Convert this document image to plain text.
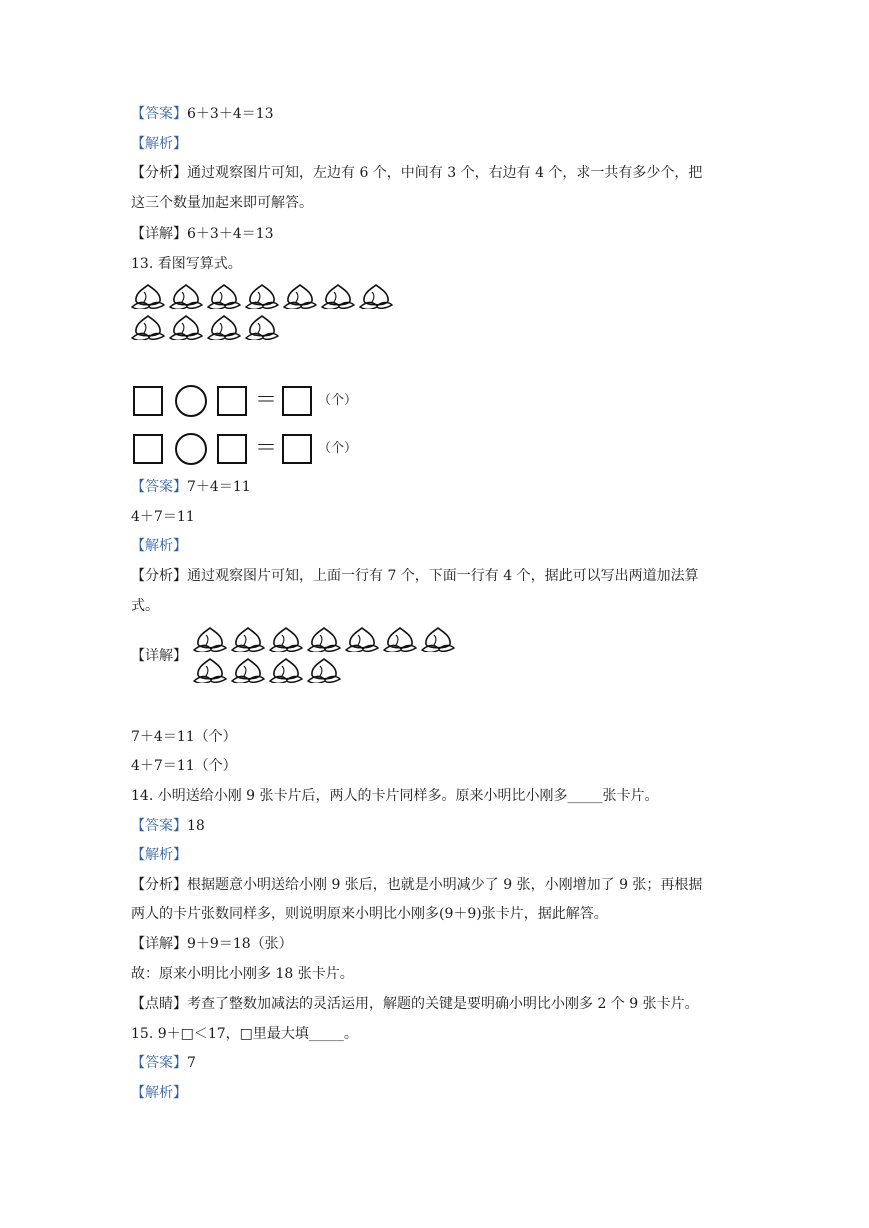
【答案】6＋3＋4＝13
【解析】
【分析】通过观察图片可知，左边有 6 个，中间有 3 个，右边有 4 个，求一共有多少个，把
这三个数量加起来即可解答。
【详解】6＋3＋4＝13
13. 看图写算式。
＝	（个）
＝	（个）
【答案】7＋4＝11
4＋7＝11
【解析】
【分析】通过观察图片可知，上面一行有 7 个，下面一行有 4 个，据此可以写出两道加法算
式。
【详解】
7＋4＝11（个）
4＋7＝11（个）
14. 小明送给小刚 9 张卡片后，两人的卡片同样多。原来小明比小刚多_____张卡片。
【答案】18
【解析】
【分析】根据题意小明送给小刚 9 张后，也就是小明减少了 9 张，小刚增加了 9 张；再根据
两人的卡片张数同样多，则说明原来小明比小刚多(9＋9)张卡片，据此解答。
【详解】9＋9＝18（张）
故：原来小明比小刚多 18 张卡片。
【点睛】考查了整数加减法的灵活运用，解题的关键是要明确小明比小刚多 2 个 9 张卡片。
15. 9＋□＜17，□里最大填_____。
【答案】7
【解析】
